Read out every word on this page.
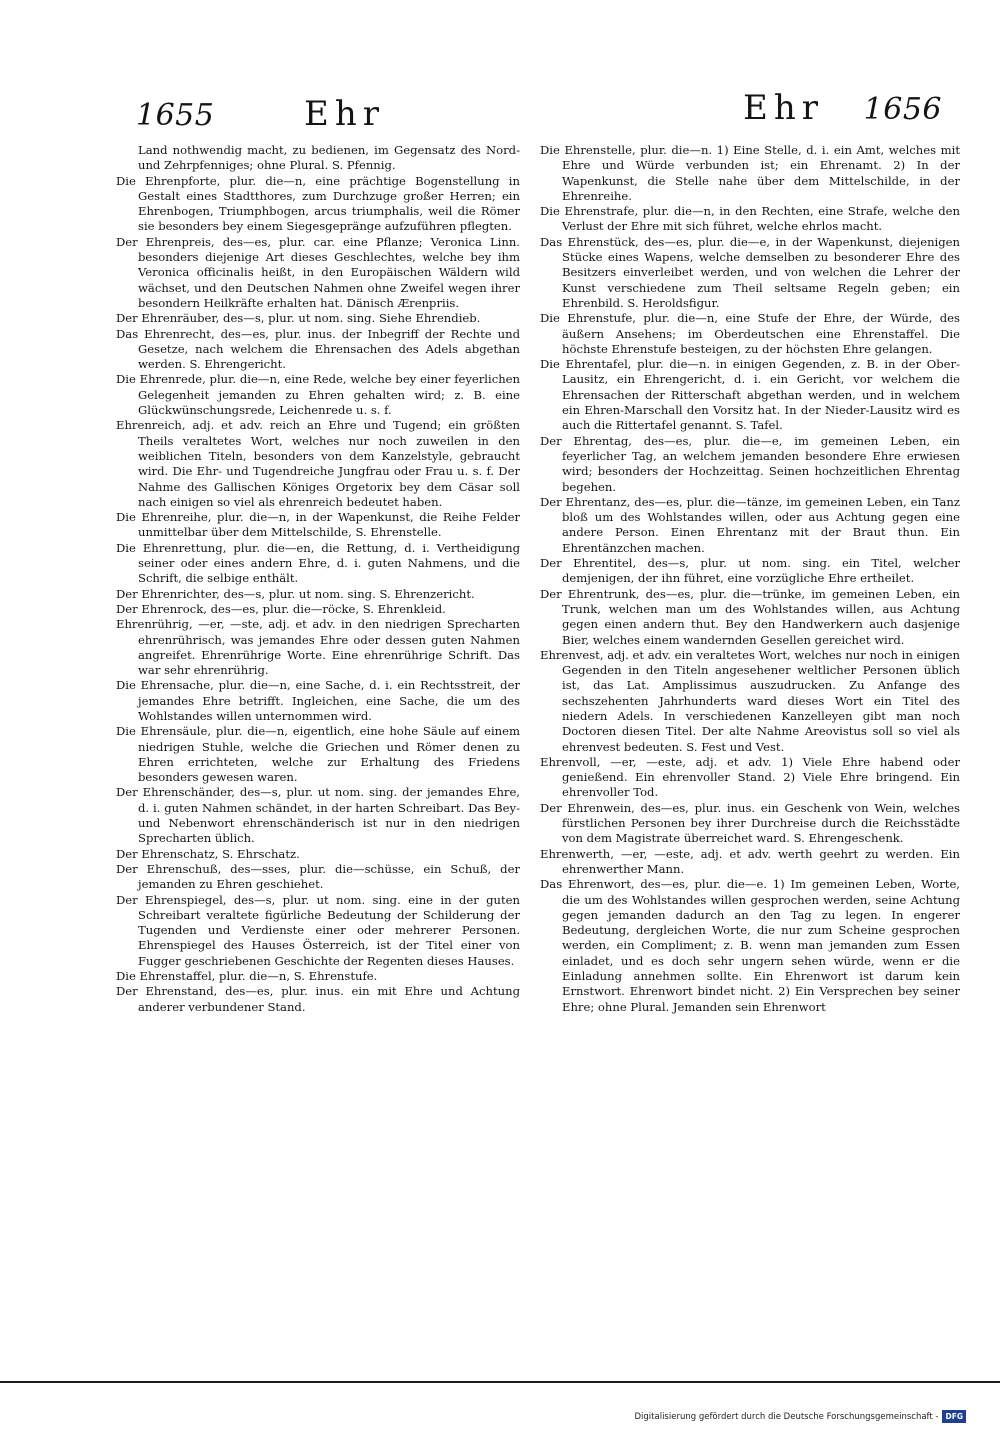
1655	Ehr	Ehr 1656

Land nothwendig macht, zu bedienen, im Gegensatz des Nord- und Zehrpfenniges; ohne Plural. S. Pfennig.

Die Ehrenpforte, plur. die—n, eine prächtige Bogenstellung in Gestalt eines Stadtthores, zum Durchzuge großer Herren; ein Ehrenbogen, Triumphbogen, arcus triumphalis, weil die Römer sie besonders bey einem Siegesgepränge aufzuführen pflegten.

Der Ehrenpreis, des—es, plur. car. eine Pflanze; Veronica Linn. besonders diejenige Art dieses Geschlechtes, welche bey ihm Veronica officinalis heißt, in den Europäischen Wäldern wild wächset, und den Deutschen Nahmen ohne Zweifel wegen ihrer besondern Heilkräfte erhalten hat. Dänisch Ærenpriis.

Der Ehrenräuber, des—s, plur. ut nom. sing. Siehe Ehrendieb.

Das Ehrenrecht, des—es, plur. inus. der Inbegriff der Rechte und Gesetze, nach welchem die Ehrensachen des Adels abgethan werden. S. Ehrengericht.

Die Ehrenrede, plur. die—n, eine Rede, welche bey einer feyerlichen Gelegenheit jemanden zu Ehren gehalten wird; z. B. eine Glückwünschungsrede, Leichenrede u. s. f.

Ehrenreich, adj. et adv. reich an Ehre und Tugend; ein größten Theils veraltetes Wort, welches nur noch zuweilen in den weiblichen Titeln, besonders von dem Kanzelstyle, gebraucht wird. Die Ehr- und Tugendreiche Jungfrau oder Frau u. s. f. Der Nahme des Gallischen Königes Orgetorix bey dem Cäsar soll nach einigen so viel als ehrenreich bedeutet haben.

Die Ehrenreihe, plur. die—n, in der Wapenkunst, die Reihe Felder unmittelbar über dem Mittelschilde, S. Ehrenstelle.

Die Ehrenrettung, plur. die—en, die Rettung, d. i. Vertheidigung seiner oder eines andern Ehre, d. i. guten Nahmens, und die Schrift, die selbige enthält.

Der Ehrenrichter, des—s, plur. ut nom. sing. S. Ehrenzericht.

Der Ehrenrock, des—es, plur. die—röcke, S. Ehrenkleid.

Ehrenrührig, —er, —ste, adj. et adv. in den niedrigen Sprecharten ehrenrührisch, was jemandes Ehre oder dessen guten Nahmen angreifet. Ehrenrührige Worte. Eine ehrenrührige Schrift. Das war sehr ehrenrührig.

Die Ehrensache, plur. die—n, eine Sache, d. i. ein Rechtsstreit, der jemandes Ehre betrifft. Ingleichen, eine Sache, die um des Wohlstandes willen unternommen wird.

Die Ehrensäule, plur. die—n, eigentlich, eine hohe Säule auf einem niedrigen Stuhle, welche die Griechen und Römer denen zu Ehren errichteten, welche zur Erhaltung des Friedens besonders gewesen waren.

Der Ehrenschänder, des—s, plur. ut nom. sing. der jemandes Ehre, d. i. guten Nahmen schändet, in der harten Schreibart. Das Bey- und Nebenwort ehrenschänderisch ist nur in den niedrigen Sprecharten üblich.

Der Ehrenschatz, S. Ehrschatz.

Der Ehrenschuß, des—sses, plur. die—schüsse, ein Schuß, der jemanden zu Ehren geschiehet.

Der Ehrenspiegel, des—s, plur. ut nom. sing. eine in der guten Schreibart veraltete figürliche Bedeutung der Schilderung der Tugenden und Verdienste einer oder mehrerer Personen. Ehrenspiegel des Hauses Österreich, ist der Titel einer von Fugger geschriebenen Geschichte der Regenten dieses Hauses.

Die Ehrenstaffel, plur. die—n, S. Ehrenstufe.

Der Ehrenstand, des—es, plur. inus. ein mit Ehre und Achtung anderer verbundener Stand.

Die Ehrenstelle, plur. die—n. 1) Eine Stelle, d. i. ein Amt, welches mit Ehre und Würde verbunden ist; ein Ehrenamt. 2) In der Wapenkunst, die Stelle nahe über dem Mittelschilde, in der Ehrenreihe.

Die Ehrenstrafe, plur. die—n, in den Rechten, eine Strafe, welche den Verlust der Ehre mit sich führet, welche ehrlos macht.

Das Ehrenstück, des—es, plur. die—e, in der Wapenkunst, diejenigen Stücke eines Wapens, welche demselben zu besonderer Ehre des Besitzers einverleibet werden, und von welchen die Lehrer der Kunst verschiedene zum Theil seltsame Regeln geben; ein Ehrenbild. S. Heroldsfigur.

Die Ehrenstufe, plur. die—n, eine Stufe der Ehre, der Würde, des äußern Ansehens; im Oberdeutschen eine Ehrenstaffel. Die höchste Ehrenstufe besteigen, zu der höchsten Ehre gelangen.

Die Ehrentafel, plur. die—n. in einigen Gegenden, z. B. in der Ober-Lausitz, ein Ehrengericht, d. i. ein Gericht, vor welchem die Ehrensachen der Ritterschaft abgethan werden, und in welchem ein Ehren-Marschall den Vorsitz hat. In der Nieder-Lausitz wird es auch die Rittertafel genannt. S. Tafel.

Der Ehrentag, des—es, plur. die—e, im gemeinen Leben, ein feyerlicher Tag, an welchem jemanden besondere Ehre erwiesen wird; besonders der Hochzeittag. Seinen hochzeitlichen Ehrentag begehen.

Der Ehrentanz, des—es, plur. die—tänze, im gemeinen Leben, ein Tanz bloß um des Wohlstandes willen, oder aus Achtung gegen eine andere Person. Einen Ehrentanz mit der Braut thun. Ein Ehrentänzchen machen.

Der Ehrentitel, des—s, plur. ut nom. sing. ein Titel, welcher demjenigen, der ihn führet, eine vorzügliche Ehre ertheilet.

Der Ehrentrunk, des—es, plur. die—trünke, im gemeinen Leben, ein Trunk, welchen man um des Wohlstandes willen, aus Achtung gegen einen andern thut. Bey den Handwerkern auch dasjenige Bier, welches einem wandernden Gesellen gereichet wird.

Ehrenvest, adj. et adv. ein veraltetes Wort, welches nur noch in einigen Gegenden in den Titeln angesehener weltlicher Personen üblich ist, das Lat. Amplissimus auszudrucken. Zu Anfange des sechszehenten Jahrhunderts ward dieses Wort ein Titel des niedern Adels. In verschiedenen Kanzelleyen gibt man noch Doctoren diesen Titel. Der alte Nahme Areovistus soll so viel als ehrenvest bedeuten. S. Fest und Vest.

Ehrenvoll, —er, —este, adj. et adv. 1) Viele Ehre habend oder genießend. Ein ehrenvoller Stand. 2) Viele Ehre bringend. Ein ehrenvoller Tod.

Der Ehrenwein, des—es, plur. inus. ein Geschenk von Wein, welches fürstlichen Personen bey ihrer Durchreise durch die Reichsstädte von dem Magistrate überreichet ward. S. Ehrengeschenk.

Ehrenwerth, —er, —este, adj. et adv. werth geehrt zu werden. Ein ehrenwerther Mann.

Das Ehrenwort, des—es, plur. die—e. 1) Im gemeinen Leben, Worte, die um des Wohlstandes willen gesprochen werden, seine Achtung gegen jemanden dadurch an den Tag zu legen. In engerer Bedeutung, dergleichen Worte, die nur zum Scheine gesprochen werden, ein Compliment; z. B. wenn man jemanden zum Essen einladet, und es doch sehr ungern sehen würde, wenn er die Einladung annehmen sollte. Ein Ehrenwort ist darum kein Ernstwort. Ehrenwort bindet nicht. 2) Ein Versprechen bey seiner Ehre; ohne Plural. Jemanden sein Ehrenwort

Digitalisierung gefördert durch die Deutsche Forschungsgemeinschaft - DFG
